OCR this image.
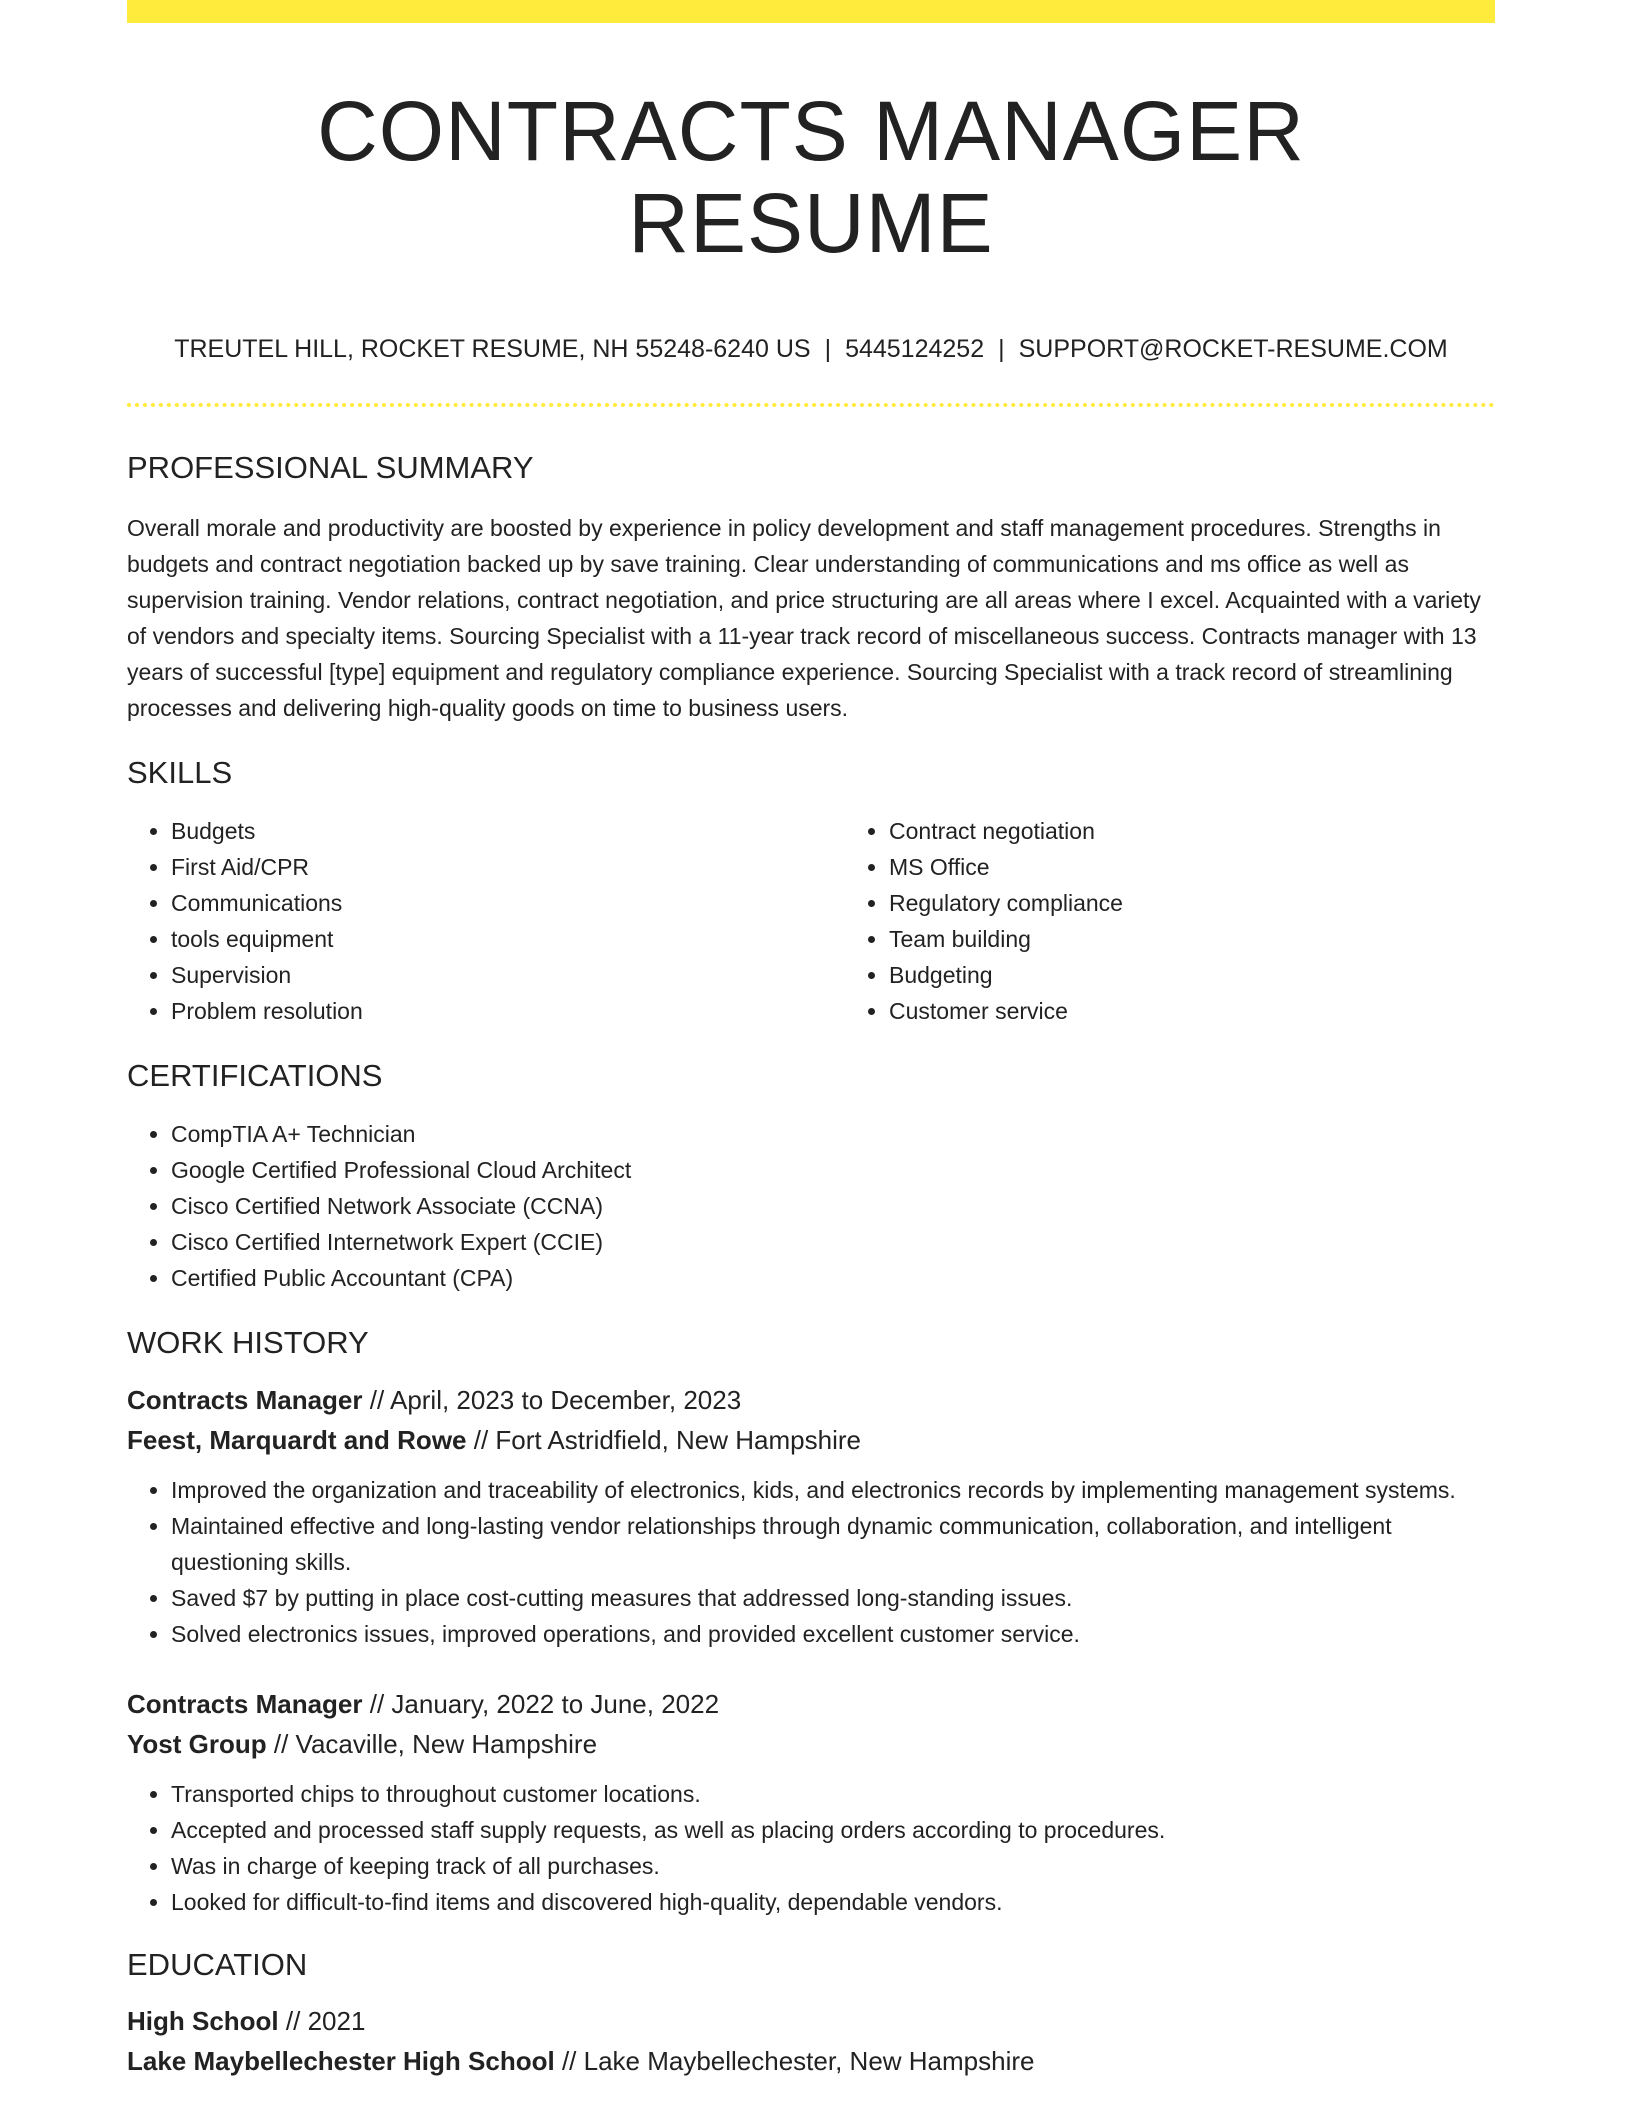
CONTRACTS MANAGER RESUME
TREUTEL HILL, ROCKET RESUME, NH 55248-6240 US | 5445124252 | SUPPORT@ROCKET-RESUME.COM
PROFESSIONAL SUMMARY

Overall morale and productivity are boosted by experience in policy development and staff management procedures. Strengths in budgets and contract negotiation backed up by save training. Clear understanding of communications and ms office as well as supervision training. Vendor relations, contract negotiation, and price structuring are all areas where I excel. Acquainted with a variety of vendors and specialty items. Sourcing Specialist with a 11-year track record of miscellaneous success. Contracts manager with 13 years of successful [type] equipment and regulatory compliance experience. Sourcing Specialist with a track record of streamlining processes and delivering high-quality goods on time to business users.

SKILLS
• Budgets
• First Aid/CPR
• Communications
• tools equipment
• Supervision
• Problem resolution
• Contract negotiation
• MS Office
• Regulatory compliance
• Team building
• Budgeting
• Customer service
CERTIFICATIONS
• CompTIA A+ Technician
• Google Certified Professional Cloud Architect
• Cisco Certified Network Associate (CCNA)
• Cisco Certified Internetwork Expert (CCIE)
• Certified Public Accountant (CPA)
WORK HISTORY
Contracts Manager // April, 2023 to December, 2023
Feest, Marquardt and Rowe // Fort Astridfield, New Hampshire
• Improved the organization and traceability of electronics, kids, and electronics records by implementing management systems.
• Maintained effective and long-lasting vendor relationships through dynamic communication, collaboration, and intelligent questioning skills.
• Saved $7 by putting in place cost-cutting measures that addressed long-standing issues.
• Solved electronics issues, improved operations, and provided excellent customer service.
Contracts Manager // January, 2022 to June, 2022
Yost Group // Vacaville, New Hampshire
• Transported chips to throughout customer locations.
• Accepted and processed staff supply requests, as well as placing orders according to procedures.
• Was in charge of keeping track of all purchases.
• Looked for difficult-to-find items and discovered high-quality, dependable vendors.
EDUCATION
High School // 2021
Lake Maybellechester High School // Lake Maybellechester, New Hampshire
